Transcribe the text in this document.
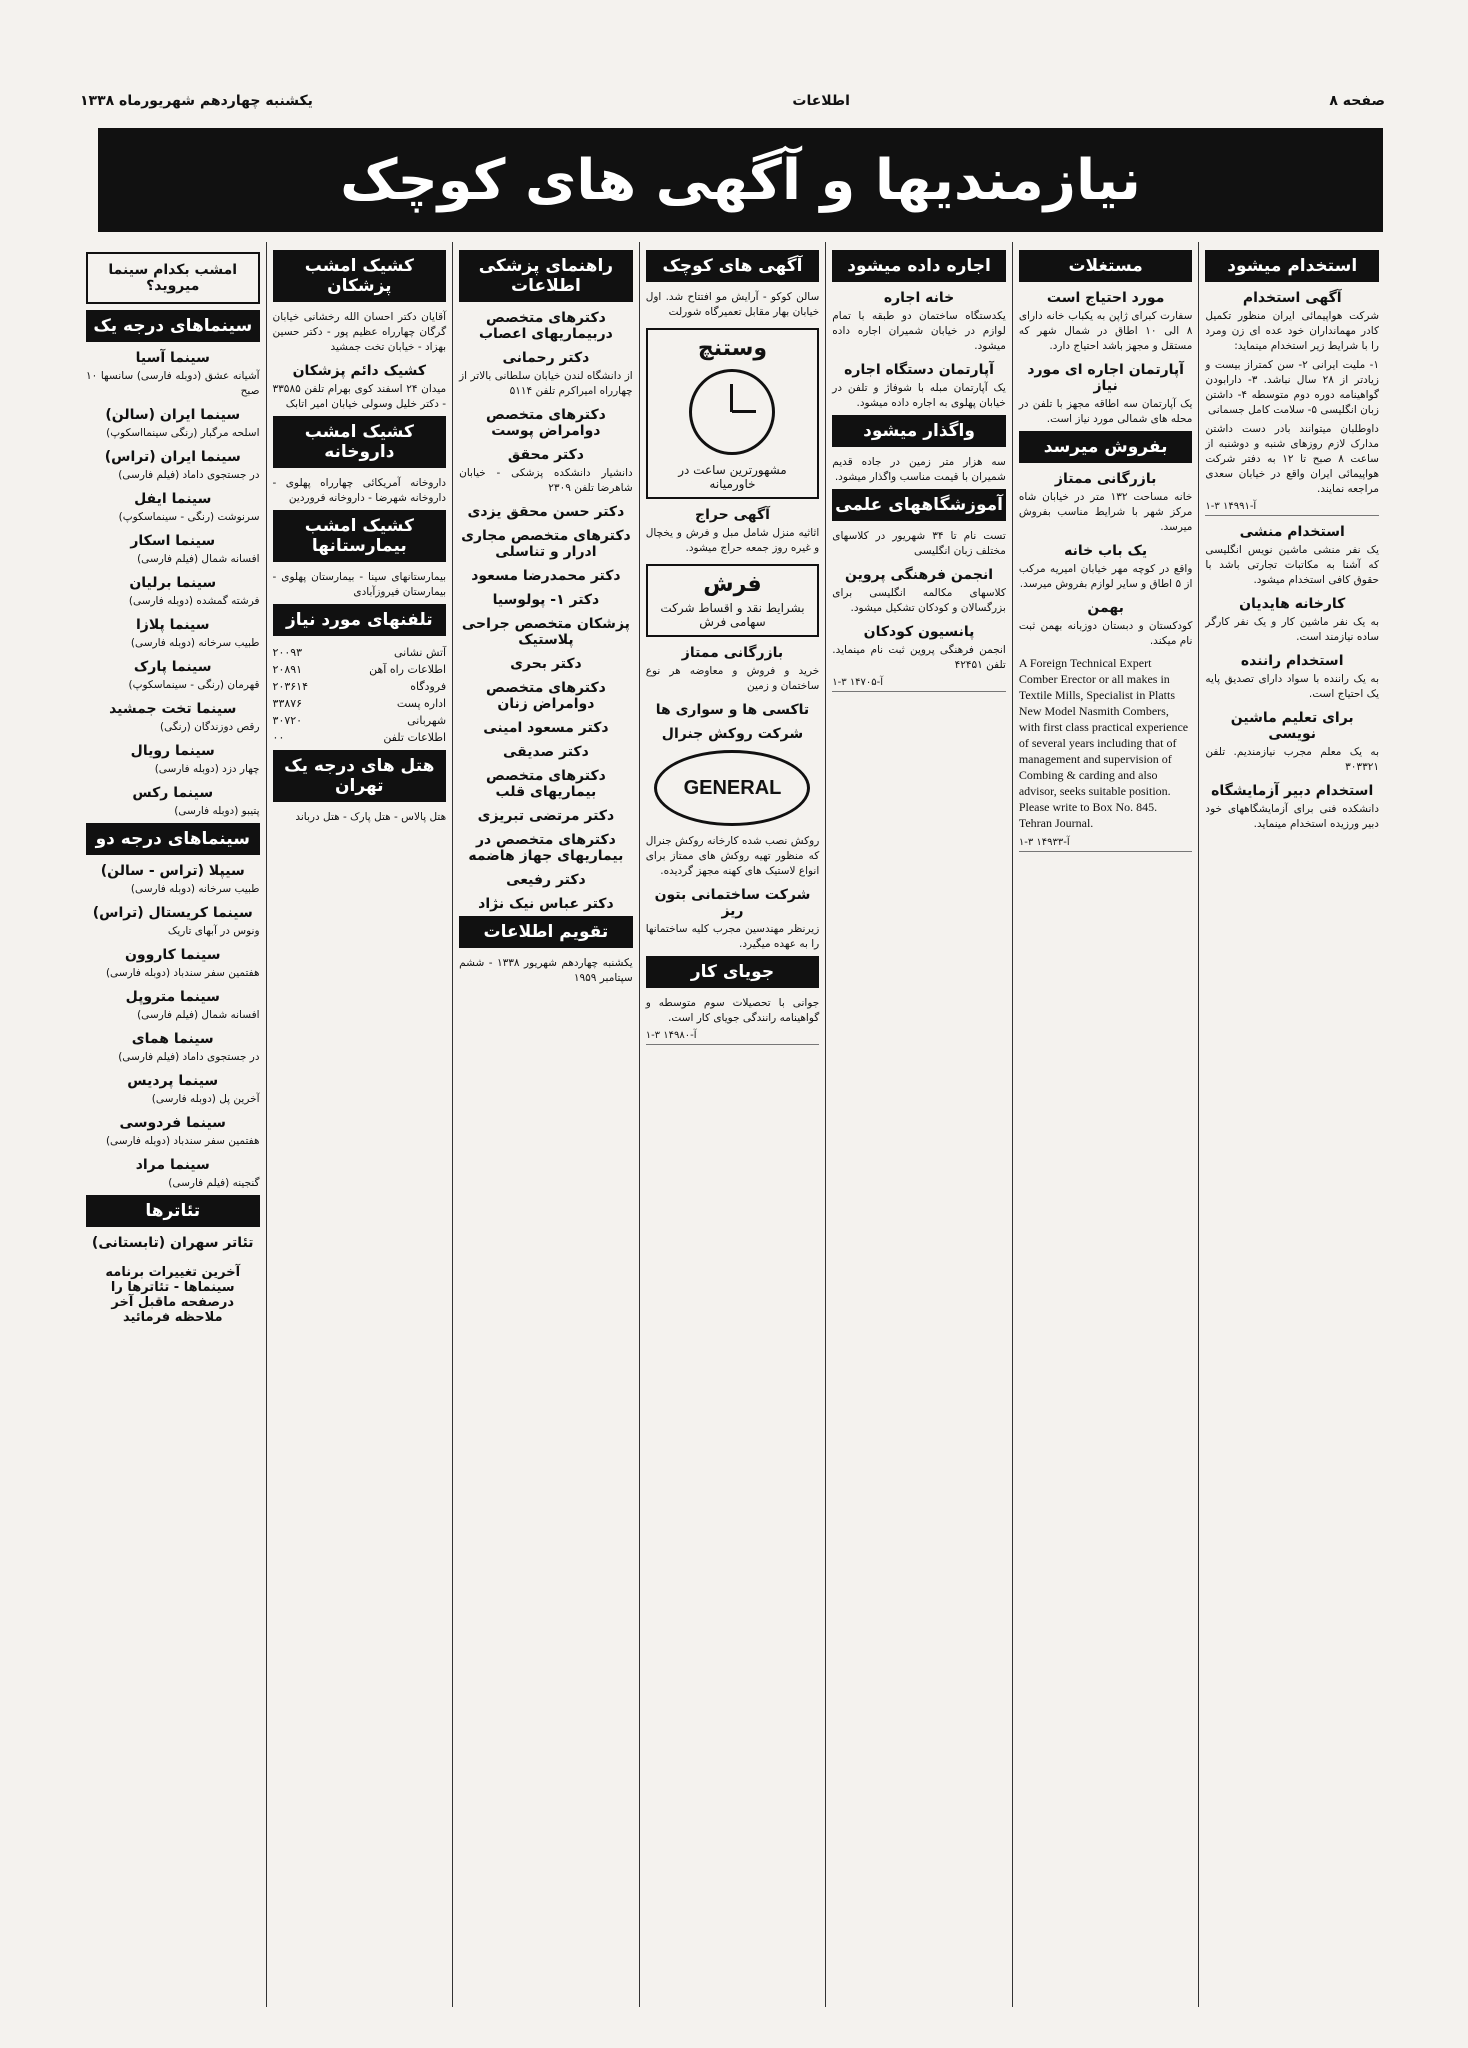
صفحه ۸
اطلاعات
یکشنبه چهاردهم شهریورماه ۱۳۳۸
نیازمندیها و آگهی های کوچک
استخدام میشود
آگهی استخدام

شرکت هواپیمائی ایران منظور تکمیل کادر مهمانداران خود عده ای زن ومرد را با شرایط زیر استخدام مینماید:

۱- ملیت ایرانی ۲- سن کمتراز بیست و زیادتر از ۲۸ سال نباشد. ۳- دارابودن گواهینامه دوره دوم متوسطه ۴- داشتن زبان انگلیسی ۵- سلامت کامل جسمانی

داوطلبان میتوانند بادر دست داشتن مدارک لازم روزهای شنبه و دوشنبه از ساعت ۸ صبح تا ۱۲ به دفتر شرکت هواپیمائی ایران واقع در خیابان سعدی مراجعه نمایند.

آ-۱۴۹۹۱ ۳-۱
استخدام منشی

یک نفر منشی ماشین نویس انگلیسی که آشنا به مکاتبات تجارتی باشد با حقوق کافی استخدام میشود.

کارخانه هایدیان

به یک نفر ماشین کار و یک نفر کارگر ساده نیازمند است.

استخدام راننده

به یک راننده با سواد دارای تصدیق پایه یک احتیاج است.

برای تعلیم ماشین نویسی

به یک معلم مجرب نیازمندیم. تلفن ۳۰۳۳۲۱

استخدام دبیر آزمایشگاه

دانشکده فنی برای آزمایشگاههای خود دبیر ورزیده استخدام مینماید.

مستغلات
مورد احتیاج است

سفارت کبرای ژاپن به یکباب خانه دارای ۸ الی ۱۰ اطاق در شمال شهر که مستقل و مجهز باشد احتیاج دارد.

آپارتمان اجاره ای مورد نیاز

یک آپارتمان سه اطاقه مجهز با تلفن در محله های شمالی مورد نیاز است.

بفروش میرسد
بازرگانی ممتاز

خانه مساحت ۱۳۲ متر در خیابان شاه مرکز شهر با شرایط مناسب بفروش میرسد.

یک باب خانه

واقع در کوچه مهر خیابان امیریه مرکب از ۵ اطاق و سایر لوازم بفروش میرسد.

بهمن

کودکستان و دبستان دوزبانه بهمن ثبت نام میکند.

A Foreign Technical Expert Comber Erector or all makes in Textile Mills, Specialist in Platts New Model Nasmith Combers, with first class practical experience of several years including that of management and supervision of Combing & carding and also advisor, seeks suitable position. Please write to Box No. 845. Tehran Journal.

آ-۱۴۹۳۳ ۳-۱
اجاره داده میشود
خانه اجاره

یکدستگاه ساختمان دو طبقه با تمام لوازم در خیابان شمیران اجاره داده میشود.

آپارتمان دستگاه اجاره

یک آپارتمان مبله با شوفاژ و تلفن در خیابان پهلوی به اجاره داده میشود.

واگذار میشود

سه هزار متر زمین در جاده قدیم شمیران با قیمت مناسب واگذار میشود.

آموزشگاههای علمی

تست نام تا ۳۴ شهریور در کلاسهای مختلف زبان انگلیسی

انجمن فرهنگی پروین

کلاسهای مکالمه انگلیسی برای بزرگسالان و کودکان تشکیل میشود.

پانسیون کودکان

انجمن فرهنگی پروین ثبت نام مینماید. تلفن ۴۲۴۵۱

آ-۱۴۷۰۵ ۳-۱
آگهی های کوچک

سالن کوکو - آرایش مو افتتاح شد. اول خیابان بهار مقابل تعمیرگاه شورلت

وستنچ
مشهورترین ساعت در خاورمیانه
آگهی حراج

اثاثیه منزل شامل مبل و فرش و یخچال و غیره روز جمعه حراج میشود.

فرش
بشرایط نقد و اقساط شرکت سهامی فرش
بازرگانی ممتاز

خرید و فروش و معاوضه هر نوع ساختمان و زمین

تاکسی ها و سواری ها
شرکت روکش جنرال
GENERAL

روکش نصب شده کارخانه روکش جنرال که منظور تهیه روکش های ممتاز برای انواع لاستیک های کهنه مجهز گردیده.

شرکت ساختمانی بتون ریز

زیرنظر مهندسین مجرب کلیه ساختمانها را به عهده میگیرد.

جویای کار

جوانی با تحصیلات سوم متوسطه و گواهینامه رانندگی جویای کار است.

آ-۱۴۹۸۰ ۳-۱
راهنمای پزشکی اطلاعات
دکترهای متخصص دربیماریهای اعصاب
دکتر رحمانی

از دانشگاه لندن خیابان سلطانی بالاتر از چهارراه امیراکرم تلفن ۵۱۱۴

دکترهای متخصص دوامراض پوست
دکتر محقق

دانشیار دانشکده پزشکی - خیابان شاهرضا تلفن ۲۳۰۹

دکتر حسن محقق یزدی
دکترهای متخصص مجاری ادرار و تناسلی
دکتر محمدرضا مسعود
دکتر ۱- پولوسیا
پزشکان متخصص جراحی پلاستیک
دکتر بحری
دکترهای متخصص دوامراض زنان
دکتر مسعود امینی
دکتر صدیقی
دکترهای متخصص بیماریهای قلب
دکتر مرتضی تبریزی
دکترهای متخصص در بیماریهای جهاز هاضمه
دکتر رفیعی
دکتر عباس نیک نژاد
تقویم اطلاعات

یکشنبه چهاردهم شهریور ۱۳۳۸ - ششم سپتامبر ۱۹۵۹

کشیک امشب پزشکان

آقایان دکتر احسان الله رخشانی خیابان گرگان چهارراه عظیم پور - دکتر حسین بهزاد - خیابان تخت جمشید

کشیک دائم پزشکان

میدان ۲۴ اسفند کوی بهرام تلفن ۳۳۵۸۵ - دکتر خلیل وسولی خیابان امیر اتابک

کشیک امشب داروخانه

داروخانه آمریکائی چهارراه پهلوی - داروخانه شهرضا - داروخانه فروردین

کشیک امشب بیمارستانها

بیمارستانهای سینا - بیمارستان پهلوی - بیمارستان فیروزآبادی

تلفنهای مورد نیاز
آتش نشانی
۲۰۰۹۳
اطلاعات راه آهن
۲۰۸۹۱
فرودگاه
۲۰۳۶۱۴
اداره پست
۳۳۸۷۶
شهربانی
۳۰۷۲۰
اطلاعات تلفن
۰۰
هتل های درجه یک تهران

هتل پالاس - هتل پارک - هتل درباند

امشب بکدام سینما میروید؟
سینماهای درجه یک
سینما آسیا

آشیانه عشق (دوبله فارسی) سانسها ۱۰ صبح

سینما ایران (سالن)

اسلحه مرگبار (رنگی سینمااسکوپ)

سینما ایران (تراس)

در جستجوی داماد (فیلم فارسی)

سینما ایفل

سرنوشت (رنگی - سینماسکوپ)

سینما اسکار

افسانه شمال (فیلم فارسی)

سینما برلیان

فرشته گمشده (دوبله فارسی)

سینما پلازا

طبیب سرخانه (دوبله فارسی)

سینما پارک

قهرمان (رنگی - سینماسکوپ)

سینما تخت جمشید

رقص دوزندگان (رنگی)

سینما رویال

چهار دزد (دوبله فارسی)

سینما رکس

پتیبو (دوبله فارسی)

سینماهای درجه دو
سیپلا (تراس - سالن)

طبیب سرخانه (دوبله فارسی)

سینما کریستال (تراس)

ونوس در آبهای تاریک

سینما کاروون

هفتمین سفر سندباد (دوبله فارسی)

سینما متروپل

افسانه شمال (فیلم فارسی)

سینما همای

در جستجوی داماد (فیلم فارسی)

سینما پردیس

آخرین پل (دوبله فارسی)

سینما فردوسی

هفتمین سفر سندباد (دوبله فارسی)

سینما مراد

گنجینه (فیلم فارسی)

تئاترها
تئاتر سهران (تابستانی)
آخرین تغییرات برنامه سینماها - تئاترها را درصفحه ماقبل آخر ملاحظه فرمائید
